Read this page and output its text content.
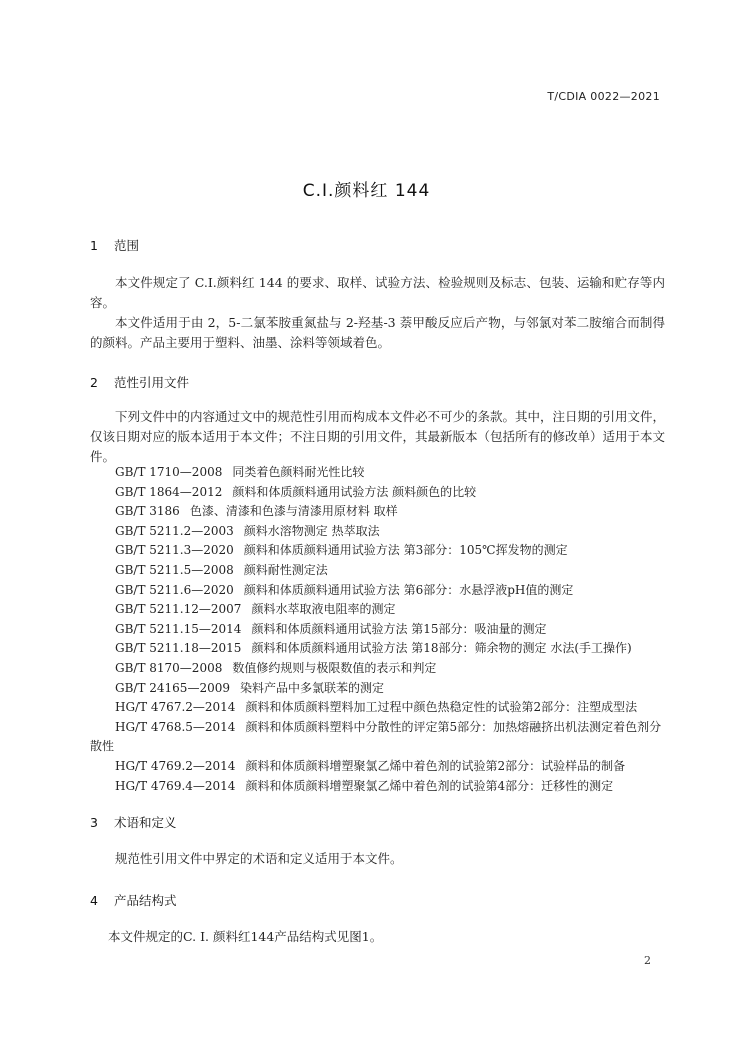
T/CDIA 0022—2021
C.I.颜料红 144
1 范围

本文件规定了 C.I.颜料红 144 的要求、取样、试验方法、检验规则及标志、包装、运输和贮存等内容。

本文件适用于由 2，5-二氯苯胺重氮盐与 2-羟基-3 萘甲酸反应后产物，与邻氯对苯二胺缩合而制得的颜料。产品主要用于塑料、油墨、涂料等领域着色。

2 范性引用文件

下列文件中的内容通过文中的规范性引用而构成本文件必不可少的条款。其中，注日期的引用文件，仅该日期对应的版本适用于本文件；不注日期的引用文件，其最新版本（包括所有的修改单）适用于本文件。

GB/T 1710—2008 同类着色颜料耐光性比较
GB/T 1864—2012 颜料和体质颜料通用试验方法 颜料颜色的比较
GB/T 3186 色漆、清漆和色漆与清漆用原材料 取样
GB/T 5211.2—2003 颜料水溶物测定 热萃取法
GB/T 5211.3—2020 颜料和体质颜料通用试验方法 第3部分：105℃挥发物的测定
GB/T 5211.5—2008 颜料耐性测定法
GB/T 5211.6—2020 颜料和体质颜料通用试验方法 第6部分：水悬浮液pH值的测定
GB/T 5211.12—2007 颜料水萃取液电阻率的测定
GB/T 5211.15—2014 颜料和体质颜料通用试验方法 第15部分：吸油量的测定
GB/T 5211.18—2015 颜料和体质颜料通用试验方法 第18部分：筛余物的测定 水法(手工操作)
GB/T 8170—2008 数值修约规则与极限数值的表示和判定
GB/T 24165—2009 染料产品中多氯联苯的测定
HG/T 4767.2—2014 颜料和体质颜料塑料加工过程中颜色热稳定性的试验第2部分：注塑成型法
HG/T 4768.5—2014 颜料和体质颜料塑料中分散性的评定第5部分：加热熔融挤出机法测定着色剂分散性
HG/T 4769.2—2014 颜料和体质颜料增塑聚氯乙烯中着色剂的试验第2部分：试验样品的制备
HG/T 4769.4—2014 颜料和体质颜料增塑聚氯乙烯中着色剂的试验第4部分：迁移性的测定
3 术语和定义

规范性引用文件中界定的术语和定义适用于本文件。

4 产品结构式

本文件规定的C. I. 颜料红144产品结构式见图1。

2
